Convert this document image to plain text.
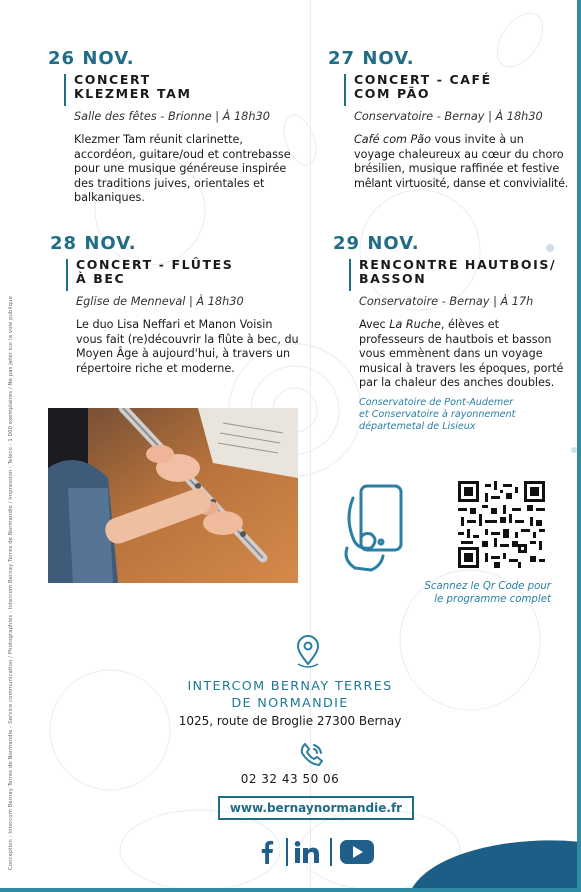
Conception : Intercom Bernay Terres de Normandie - Service communication / Photographies : Intercom Bernay Terres de Normandie / Impression : Teleco - 1 000 exemplaires / Ne pas jeter sur la voie publique
26 NOV.
CONCERT
KLEZMER TAM
Salle des fêtes - Brionne | À 18h30
Klezmer Tam réunit clarinette,
accordéon, guitare/oud et contrebasse
pour une musique généreuse inspirée
des traditions juives, orientales et
balkaniques.
27 NOV.
CONCERT - CAFÉ
COM PÃO
Conservatoire - Bernay | À 18h30
Café com Pão vous invite à un
voyage chaleureux au cœur du choro
brésilien, musique raffinée et festive
mêlant virtuosité, danse et convivialité.
28 NOV.
CONCERT - FLÛTES
À BEC
Eglise de Menneval | À 18h30
Le duo Lisa Neffari et Manon Voisin
vous fait (re)découvrir la flûte à bec, du
Moyen Âge à aujourd'hui, à travers un
répertoire riche et moderne.
29 NOV.
RENCONTRE HAUTBOIS/
BASSON
Conservatoire - Bernay | À 17h
Avec La Ruche, élèves et
professeurs de hautbois et basson
vous emmènent dans un voyage
musical à travers les époques, porté
par la chaleur des anches doubles.
Conservatoire de Pont-Audemer
et Conservatoire à rayonnement
départemetal de Lisieux
Scannez le Qr Code pour
le programme complet
INTERCOM BERNAY TERRES
DE NORMANDIE
1025, route de Broglie 27300 Bernay
02 32 43 50 06
www.bernaynormandie.fr
